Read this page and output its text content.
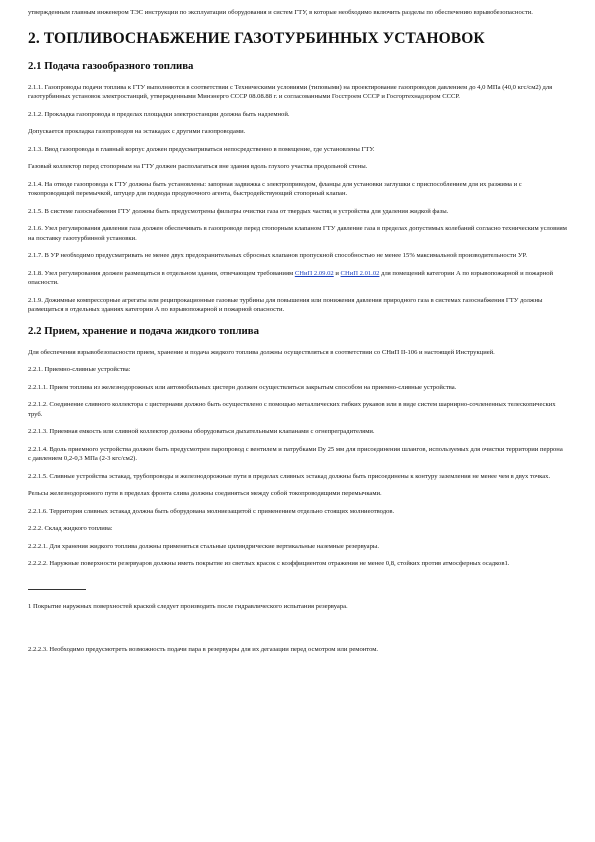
утвержденным главным инженером ТЭС инструкции по эксплуатации оборудования и систем ГТУ, в которые необходимо включить разделы по обеспечению взрывобезопасности.

2. ТОПЛИВОСНАБЖЕНИЕ ГАЗОТУРБИННЫХ УСТАНОВОК
2.1 Подача газообразного топлива

2.1.1. Газопроводы подачи топлива к ГТУ выполняются в соответствии с Техническими условиями (типовыми) на проектирование газопроводов давлением до 4,0 МПа (40,0 кгс/см2) для газотурбинных установок электростанций, утвержденными Минэнерго СССР 08.08.88 г. и согласованными Госстроем СССР и Госгортехнадзором СССР.

2.1.2. Прокладка газопровода в пределах площадки электростанции должна быть надземной.

Допускается прокладка газопроводов на эстакадах с другими газопроводами.

2.1.3. Ввод газопровода в главный корпус должен предусматриваться непосредственно в помещение, где установлены ГТУ.

Газовый коллектор перед стопорным на ГТУ должен располагаться вне здания вдоль глухого участка продольной стены.

2.1.4. На отводе газопровода к ГТУ должны быть установлены: запорная задвижка с электроприводом, фланцы для установки заглушки с приспособлением для их разжима и с токопроводящей перемычкой, штуцер для подвода продувочного агента, быстродействующий стопорный клапан.

2.1.5. В системе газоснабжения ГТУ должны быть предусмотрены фильтры очистки газа от твердых частиц и устройства для удаления жидкой фазы.

2.1.6. Узел регулирования давления газа должен обеспечивать в газопроводе перед стопорным клапаном ГТУ давление газа в пределах допустимых колебаний согласно техническим условиям на поставку газотурбинной установки.

2.1.7. В УР необходимо предусматривать не менее двух предохранительных сбросных клапанов пропускной способностью не менее 15% максимальной производительности УР.

2.1.8. Узел регулирования должен размещаться в отдельном здании, отвечающем требованиям СНиП 2.09.02 и СНиП 2.01.02 для помещений категории А по взрывопожарной и пожарной опасности.

2.1.9. Дожимные компрессорные агрегаты или реципрокационные газовые турбины для повышения или понижения давления природного газа в системах газоснабжения ГТУ должны размещаться в отдельных зданиях категории А по взрывопожарной и пожарной опасности.

2.2 Прием, хранение и подача жидкого топлива

Для обеспечения взрывобезопасности прием, хранение и подача жидкого топлива должны осуществляться в соответствии со СНиП II-106 и настоящей Инструкцией.

2.2.1. Приемно-сливные устройства:

2.2.1.1. Прием топлива из железнодорожных или автомобильных цистерн должен осуществляться закрытым способом на приемно-сливные устройства.

2.2.1.2. Соединение сливного коллектора с цистернами должно быть осуществлено с помощью металлических гибких рукавов или в виде систем шарнирно-сочлененных телескопических труб.

2.2.1.3. Приемная емкость или сливной коллектор должны оборудоваться дыхательными клапанами с огнепреградителями.

2.2.1.4. Вдоль приемного устройства должен быть предусмотрен паропровод с вентилем и патрубками Dy 25 мм для присоединения шлангов, используемых для очистки территории перрона с давлением 0,2-0,3 МПа (2-3 кгс/см2).

2.2.1.5. Сливные устройства эстакад, трубопроводы и железнодорожные пути в пределах сливных эстакад должны быть присоединены к контуру заземления не менее чем в двух точках.

Рельсы железнодорожного пути в пределах фронта слива должны соединяться между собой токопроводящими перемычками.

2.2.1.6. Территория сливных эстакад должна быть оборудована молниезащитой с применением отдельно стоящих молниеотводов.

2.2.2. Склад жидкого топлива:

2.2.2.1. Для хранения жидкого топлива должны применяться стальные цилиндрические вертикальные наземные резервуары.

2.2.2.2. Наружные поверхности резервуаров должны иметь покрытие из светлых красок с коэффициентом отражения не менее 0,8, стойких против атмосферных осадков1.

1 Покрытие наружных поверхностей краской следует производить после гидравлического испытания резервуара.

2.2.2.3. Необходимо предусмотреть возможность подачи пара в резервуары для их дегазации перед осмотром или ремонтом.
